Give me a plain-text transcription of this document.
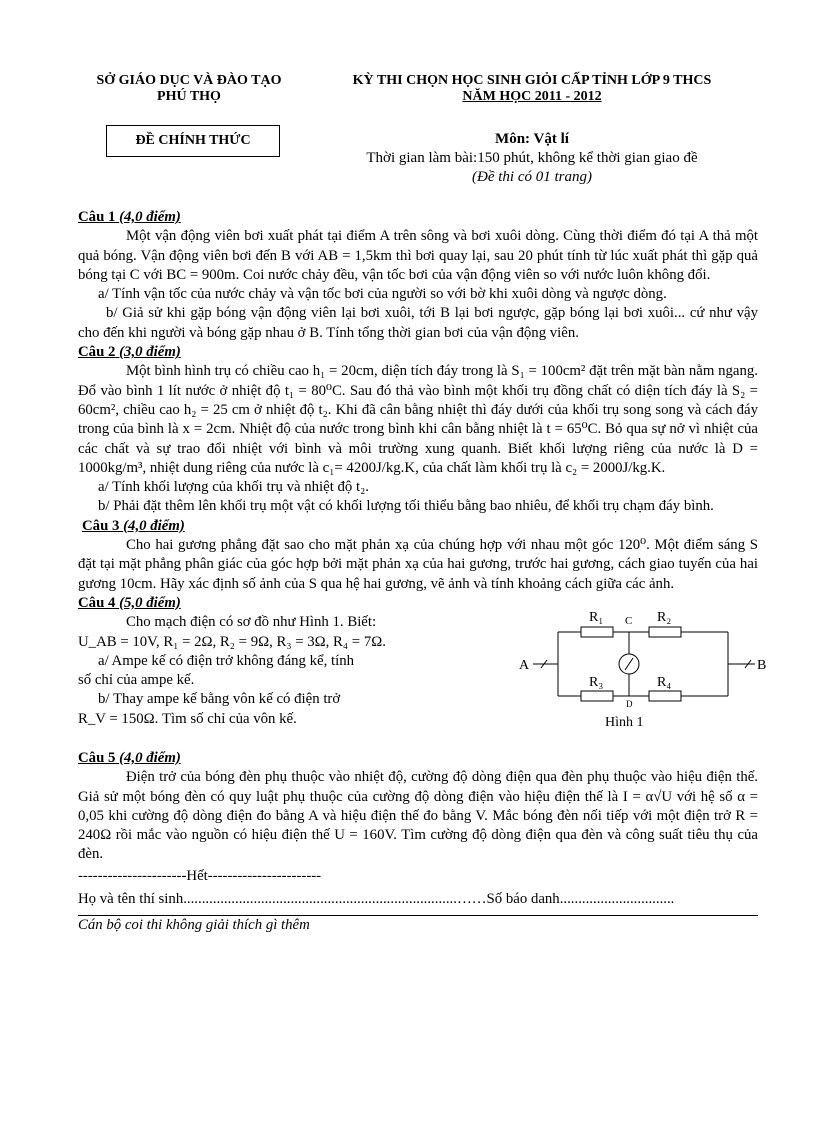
SỞ GIÁO DỤC VÀ ĐÀO TẠO
PHÚ THỌ
KỲ THI CHỌN HỌC SINH GIỎI CẤP TỈNH LỚP 9 THCS
NĂM HỌC 2011 - 2012
ĐỀ CHÍNH THỨC	Môn: Vật lí
Thời gian làm bài:150 phút, không kể thời gian giao đề
(Đề thi có 01 trang)

Câu 1 (4,0 điểm)

Một vận động viên bơi xuất phát tại điểm A trên sông và bơi xuôi dòng. Cùng thời điểm đó tại A thả một quả bóng. Vận động viên bơi đến B với AB = 1,5km thì bơi quay lại, sau 20 phút tính từ lúc xuất phát thì gặp quả bóng tại C với BC = 900m. Coi nước chảy đều, vận tốc bơi của vận động viên so với nước luôn không đổi.

a/ Tính vận tốc của nước chảy và vận tốc bơi của người so với bờ khi xuôi dòng và ngược dòng.

b/ Giả sử khi gặp bóng vận động viên lại bơi xuôi, tới B lại bơi ngược, gặp bóng lại bơi xuôi... cứ như vậy cho đến khi người và bóng gặp nhau ở B. Tính tổng thời gian bơi của vận động viên.

Câu 2 (3,0 điểm)

Một bình hình trụ có chiều cao h₁ = 20cm, diện tích đáy trong là S₁ = 100cm² đặt trên mặt bàn nằm ngang. Đổ vào bình 1 lít nước ở nhiệt độ t₁ = 80⁰C. Sau đó thả vào bình một khối trụ đồng chất có diện tích đáy là S₂ = 60cm², chiều cao h₂ = 25 cm ở nhiệt độ t₂. Khi đã cân bằng nhiệt thì đáy dưới của khối trụ song song và cách đáy trong của bình là x = 2cm. Nhiệt độ của nước trong bình khi cân bằng nhiệt là t = 65⁰C. Bỏ qua sự nở vì nhiệt của các chất và sự trao đổi nhiệt với bình và môi trường xung quanh. Biết khối lượng riêng của nước là D = 1000kg/m³, nhiệt dung riêng của nước là c₁= 4200J/kg.K, của chất làm khối trụ là c₂ = 2000J/kg.K.

a/ Tính khối lượng của khối trụ và nhiệt độ t₂.

b/ Phải đặt thêm lên khối trụ một vật có khối lượng tối thiểu bằng bao nhiêu, để khối trụ chạm đáy bình.

Câu 3 (4,0 điểm)

Cho hai gương phẳng đặt sao cho mặt phản xạ của chúng hợp với nhau một góc 120⁰. Một điểm sáng S đặt tại mặt phẳng phân giác của góc hợp bởi mặt phản xạ của hai gương, trước hai gương, cách giao tuyến của hai gương 10cm. Hãy xác định số ảnh của S qua hệ hai gương, vẽ ảnh và tính khoảng cách giữa các ảnh.

Câu 4 (5,0 điểm)

Cho mạch điện có sơ đồ như Hình 1. Biết:

U_AB = 10V, R₁ = 2Ω, R₂ = 9Ω, R₃ = 3Ω, R₄ = 7Ω.

a/ Ampe kế có điện trở không đáng kể, tính

số chỉ của ampe kế.

b/ Thay ampe kế bằng vôn kế có điện trở

R_V = 150Ω. Tìm số chỉ của vôn kế.

R₁	R₂
R₃	R₄
A	B
C
D
Hình 1

Câu 5 (4,0 điểm)

Điện trở của bóng đèn phụ thuộc vào nhiệt độ, cường độ dòng điện qua đèn phụ thuộc vào hiệu điện thế. Giả sử một bóng đèn có quy luật phụ thuộc của cường độ dòng điện vào hiệu điện thế là I = α√U với hệ số α = 0,05 khi cường độ dòng điện đo bằng A và hiệu điện thế đo bằng V. Mắc bóng đèn nối tiếp với một điện trở R = 240Ω rồi mắc vào nguồn có hiệu điện thế U = 160V. Tìm cường độ dòng điện qua đèn và công suất tiêu thụ của đèn.

----------------------Hết-----------------------

Họ và tên thí sinh..........................................................................……Số báo danh...............................

Cán bộ coi thi không giải thích gì thêm
